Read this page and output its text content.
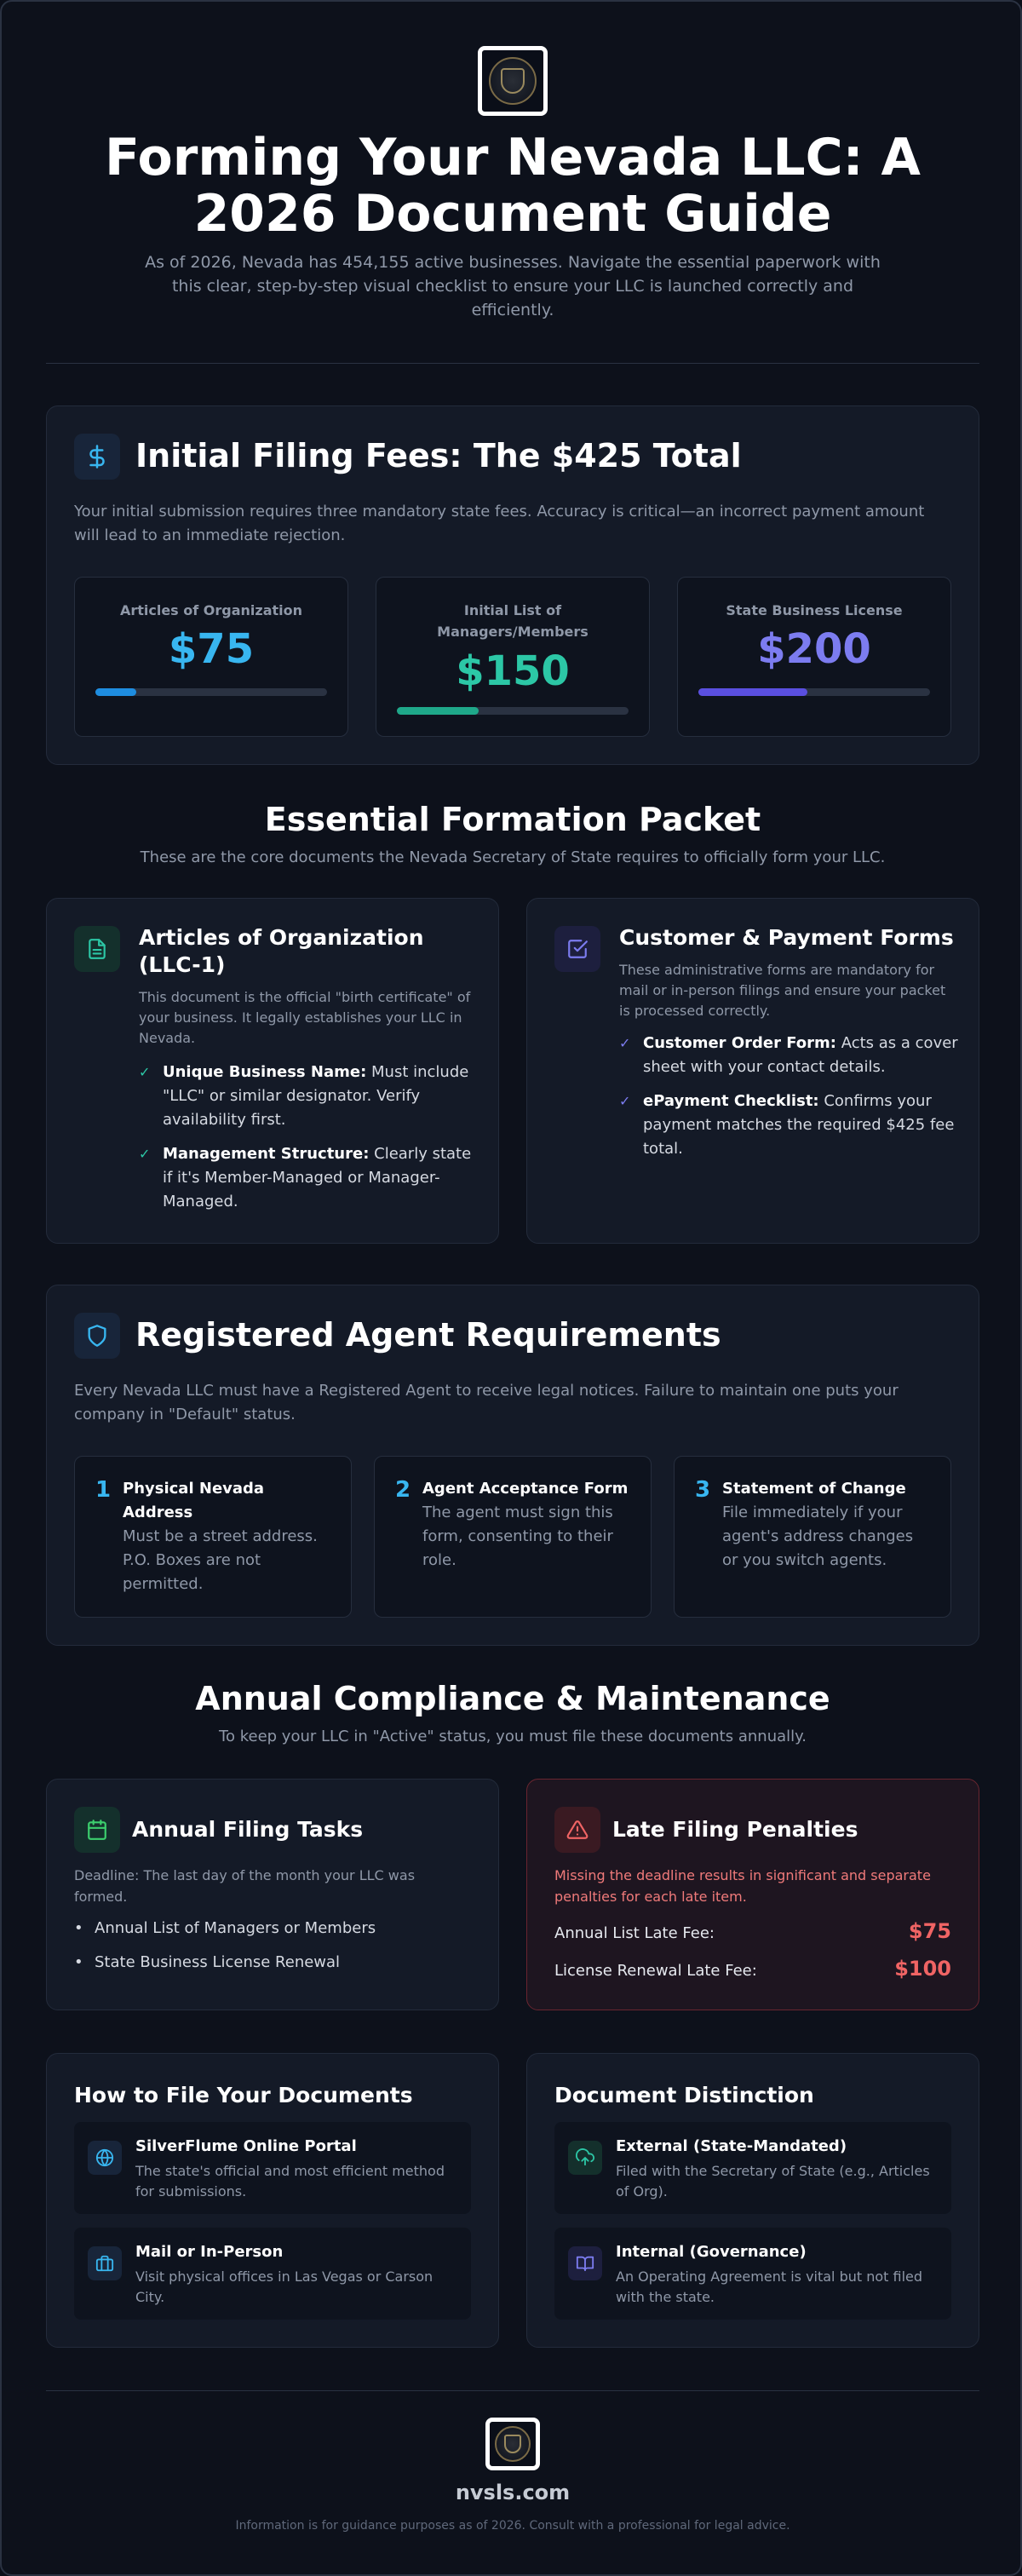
Forming Your Nevada LLC: A 2026 Document Guide

As of 2026, Nevada has 454,155 active businesses. Navigate the essential paperwork with this clear, step-by-step visual checklist to ensure your LLC is launched correctly and efficiently.

Initial Filing Fees: The $425 Total
Your initial submission requires three mandatory state fees. Accuracy is critical—an incorrect payment amount will lead to an immediate rejection.
Articles of Organization
$75
Initial List of Managers/Members
$150
State Business License
$200
Essential Formation Packet
These are the core documents the Nevada Secretary of State requires to officially form your LLC.
Articles of Organization (LLC-1)
This document is the official "birth certificate" of your business. It legally establishes your LLC in Nevada.
✓ Unique Business Name: Must include "LLC" or similar designator. Verify availability first.
✓ Management Structure: Clearly state if it's Member-Managed or Manager-Managed.
Customer & Payment Forms
These administrative forms are mandatory for mail or in-person filings and ensure your packet is processed correctly.
✓ Customer Order Form: Acts as a cover sheet with your contact details.
✓ ePayment Checklist: Confirms your payment matches the required $425 fee total.
Registered Agent Requirements
Every Nevada LLC must have a Registered Agent to receive legal notices. Failure to maintain one puts your company in "Default" status.
1 Physical Nevada Address
Must be a street address. P.O. Boxes are not permitted.
2 Agent Acceptance Form
The agent must sign this form, consenting to their role.
3 Statement of Change
File immediately if your agent's address changes or you switch agents.
Annual Compliance & Maintenance
To keep your LLC in "Active" status, you must file these documents annually.
Annual Filing Tasks
Deadline: The last day of the month your LLC was formed.
• Annual List of Managers or Members
• State Business License Renewal
Late Filing Penalties
Missing the deadline results in significant and separate penalties for each late item.
Annual List Late Fee:	$75
License Renewal Late Fee:	$100
How to File Your Documents
SilverFlume Online Portal
The state's official and most efficient method for submissions.
Mail or In-Person
Visit physical offices in Las Vegas or Carson City.
Document Distinction
External (State-Mandated)
Filed with the Secretary of State (e.g., Articles of Org).
Internal (Governance)
An Operating Agreement is vital but not filed with the state.
nvsls.com
Information is for guidance purposes as of 2026. Consult with a professional for legal advice.
